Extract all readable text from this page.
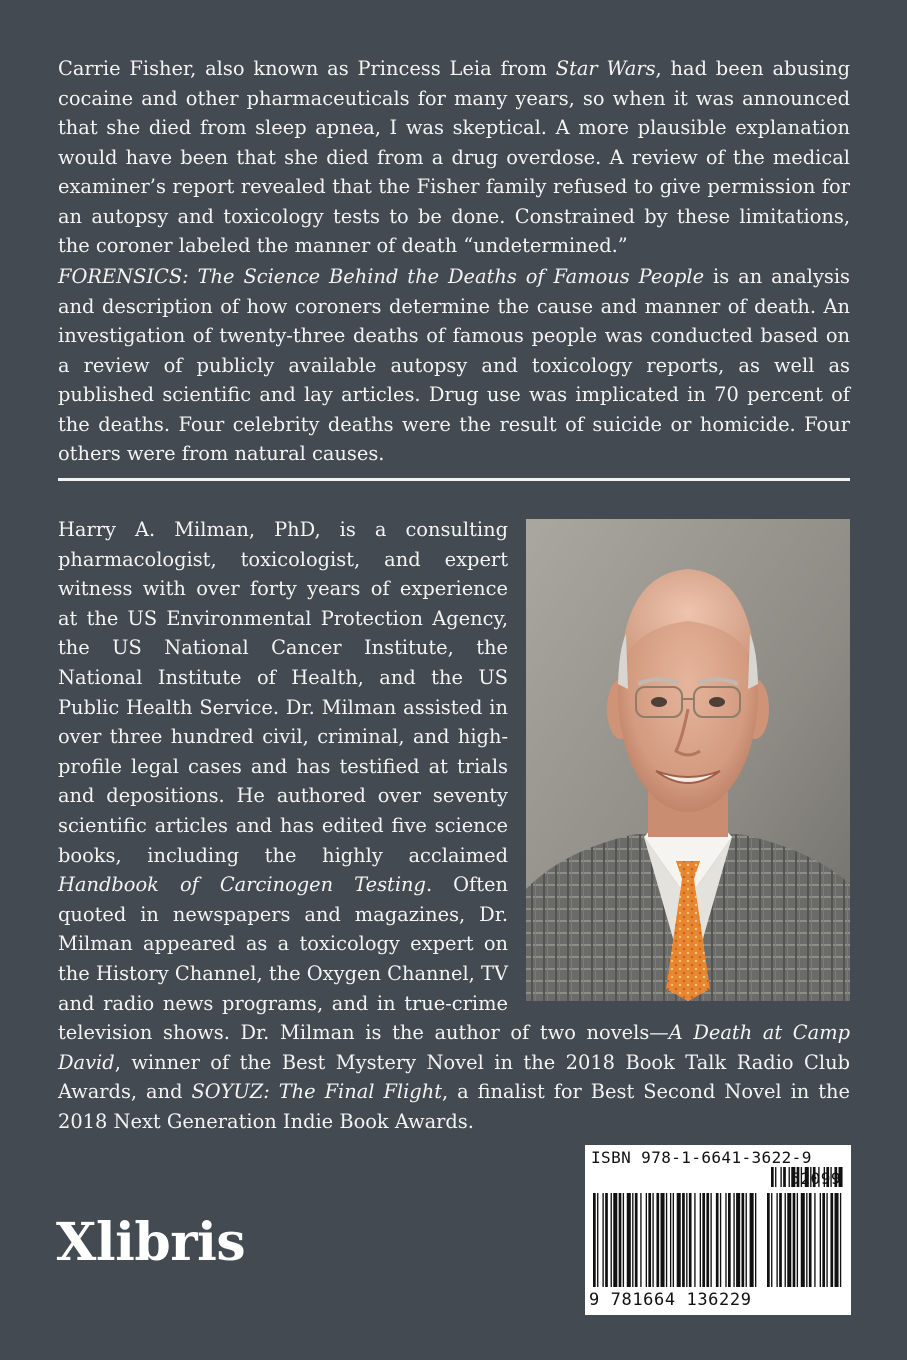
Carrie Fisher, also known as Princess Leia from Star Wars, had been abusing cocaine and other pharmaceuticals for many years, so when it was announced that she died from sleep apnea, I was skeptical. A more plausible explanation would have been that she died from a drug overdose. A review of the medical examiner’s report revealed that the Fisher family refused to give permission for an autopsy and toxicology tests to be done. Constrained by these limitations, the coroner labeled the manner of death “undetermined.”

FORENSICS: The Science Behind the Deaths of Famous People is an analysis and description of how coroners determine the cause and manner of death. An investigation of twenty-three deaths of famous people was conducted based on a review of publicly available autopsy and toxicology reports, as well as published scientific and lay articles. Drug use was implicated in 70 percent of the deaths. Four celebrity deaths were the result of suicide or homicide. Four others were from natural causes.

Harry A. Milman, PhD, is a consulting pharmacologist, toxicologist, and expert witness with over forty years of experience at the US Environmental Protection Agency, the US National Cancer Institute, the National Institute of Health, and the US Public Health Service. Dr. Milman assisted in over three hundred civil, criminal, and high-profile legal cases and has testified at trials and depositions. He authored over seventy scientific articles and has edited five science books, including the highly acclaimed Handbook of Carcinogen Testing. Often quoted in newspapers and magazines, Dr. Milman appeared as a toxicology expert on the History Channel, the Oxygen Channel, TV and radio news programs, and in true-crime television shows. Dr. Milman is the author of two novels—A Death at Camp David, winner of the Best Mystery Novel in the 2018 Book Talk Radio Club Awards, and SOYUZ: The Final Flight, a finalist for Best Second Novel in the 2018 Next Generation Indie Book Awards.

Xlibris
ISBN 978-1-6641-3622-9
52099
9 781664 136229
